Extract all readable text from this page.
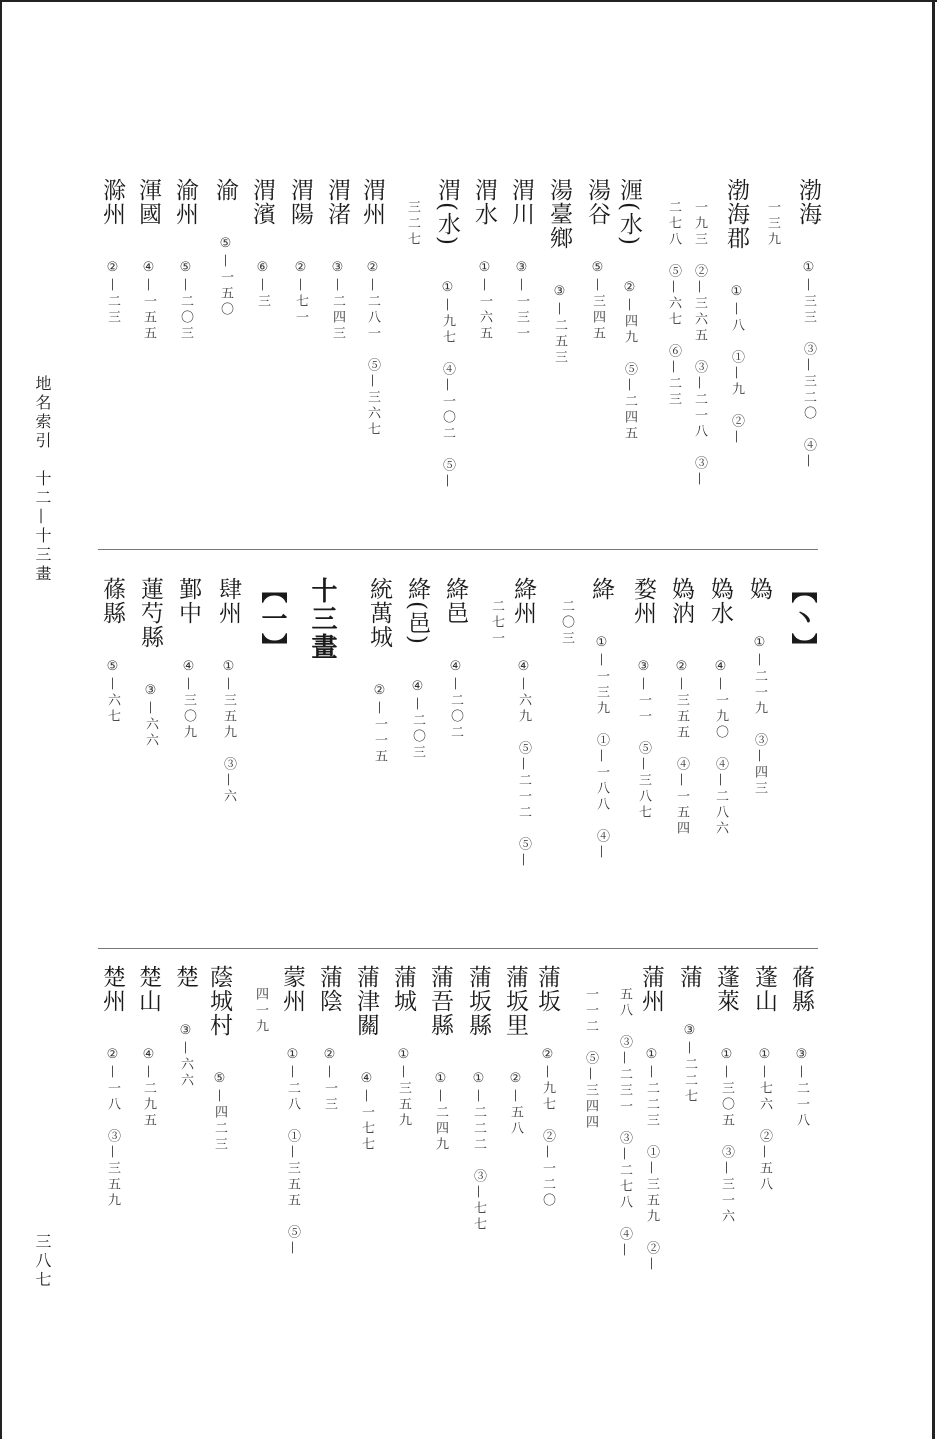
地名索引　十二—十三畫
三八七
渤海①—三三　③—三二〇　④—
一三九
渤海郡①—八　①—九　②—
一九三　②—三六五　③—二一八　③—
二七八　⑤—六七　⑥—二三
湹(水)②—四九　⑤—二四五
湯谷⑤—三四五
湯臺鄉③—二五三
渭川③—一三一
渭水①—一六五
渭(水)①—九七　④—一〇二　⑤—
三二七
渭州②—二八一　⑤—三六七
渭渚③—二四三
渭陽②—七一
渭濱⑥—三
渝⑤—一五〇
渝州⑤—二〇三
渾國④—一五五
滁州②—二三
【丶】
媯①—二一九　③—四三
媯水④—一九〇　④—二八六
媯汭②—三五五　④—一五四
婺州③—一一　⑤—三八七
絳①—一三九　①—一八八　④—
二〇三
絳州④—六九　⑤—二一二　⑤—
二七一
絳邑④—二〇二
絳(邑)④—二〇三
統萬城②—一一五
十三畫
【一】
肆州①—三五九　③—六
鄞中④—三〇九
蓮芍縣③—六六
蓧縣⑤—六七
蓨縣③—二一八
蓬山①—七六　②—五八
蓬萊①—三〇五　③—三一六
蒲③—二二七
蒲州①—二二三　①—三五九　②—
五八　③—二三一　③—二七八　④—
一一二　⑤—三四四
蒲坂②—九七　②—一二〇
蒲坂里②—五八
蒲坂縣①—二二二　③—七七
蒲吾縣①—二四九
蒲城①—三五九
蒲津關④—一七七
蒲陰②—一三
蒙州①—二八　①—三五五　⑤—
四一九
蔭城村⑤—四二三
楚③—六六
楚山④—二九五
楚州②—一八　③—三五九
